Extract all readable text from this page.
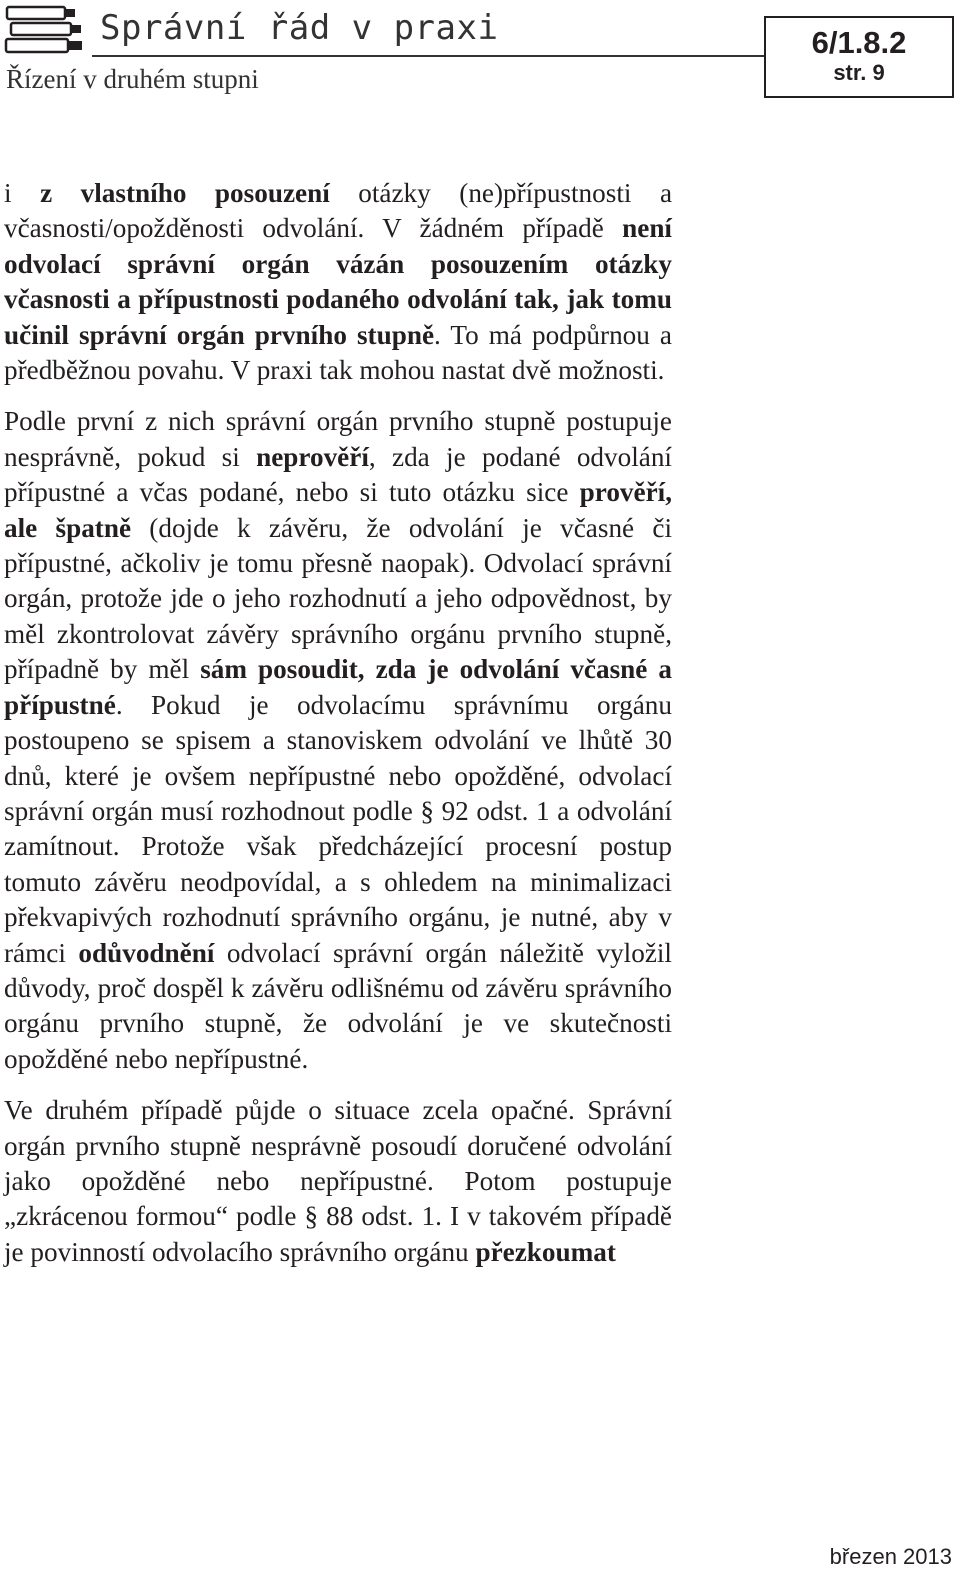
Správní řád v praxi
Řízení v druhém stupni
6/1.8.2
str. 9

i z vlastního posouzení otázky (ne)přípustnosti a včasnosti/opožděnosti odvolání. V žádném případě není odvolací správní orgán vázán posouzením otázky včasnosti a přípustnosti podaného odvolání tak, jak tomu učinil správní orgán prvního stupně. To má podpůrnou a předběžnou povahu. V praxi tak mohou nastat dvě možnosti.

Podle první z nich správní orgán prvního stupně postupuje nesprávně, pokud si neprověří, zda je podané odvolání přípustné a včas podané, nebo si tuto otázku sice prověří, ale špatně (dojde k závěru, že odvolání je včasné či přípustné, ačkoliv je tomu přesně naopak). Odvolací správní orgán, protože jde o jeho rozhodnutí a jeho odpovědnost, by měl zkontrolovat závěry správního orgánu prvního stupně, případně by měl sám posoudit, zda je odvolání včasné a přípustné. Pokud je odvolacímu správnímu orgánu postoupeno se spisem a stanoviskem odvolání ve lhůtě 30 dnů, které je ovšem nepřípustné nebo opožděné, odvolací správní orgán musí rozhodnout podle § 92 odst. 1 a odvolání zamítnout. Protože však předcházející procesní postup tomuto závěru neodpovídal, a s ohledem na minimalizaci překvapivých rozhodnutí správního orgánu, je nutné, aby v rámci odůvodnění odvolací správní orgán náležitě vyložil důvody, proč dospěl k závěru odlišnému od závěru správního orgánu prvního stupně, že odvolání je ve skutečnosti opožděné nebo nepřípustné.

Ve druhém případě půjde o situace zcela opačné. Správní orgán prvního stupně nesprávně posoudí doručené odvolání jako opožděné nebo nepřípustné. Potom postupuje „zkrácenou formou“ podle § 88 odst. 1. I v takovém případě je povinností odvolacího správního orgánu přezkoumat

březen 2013
